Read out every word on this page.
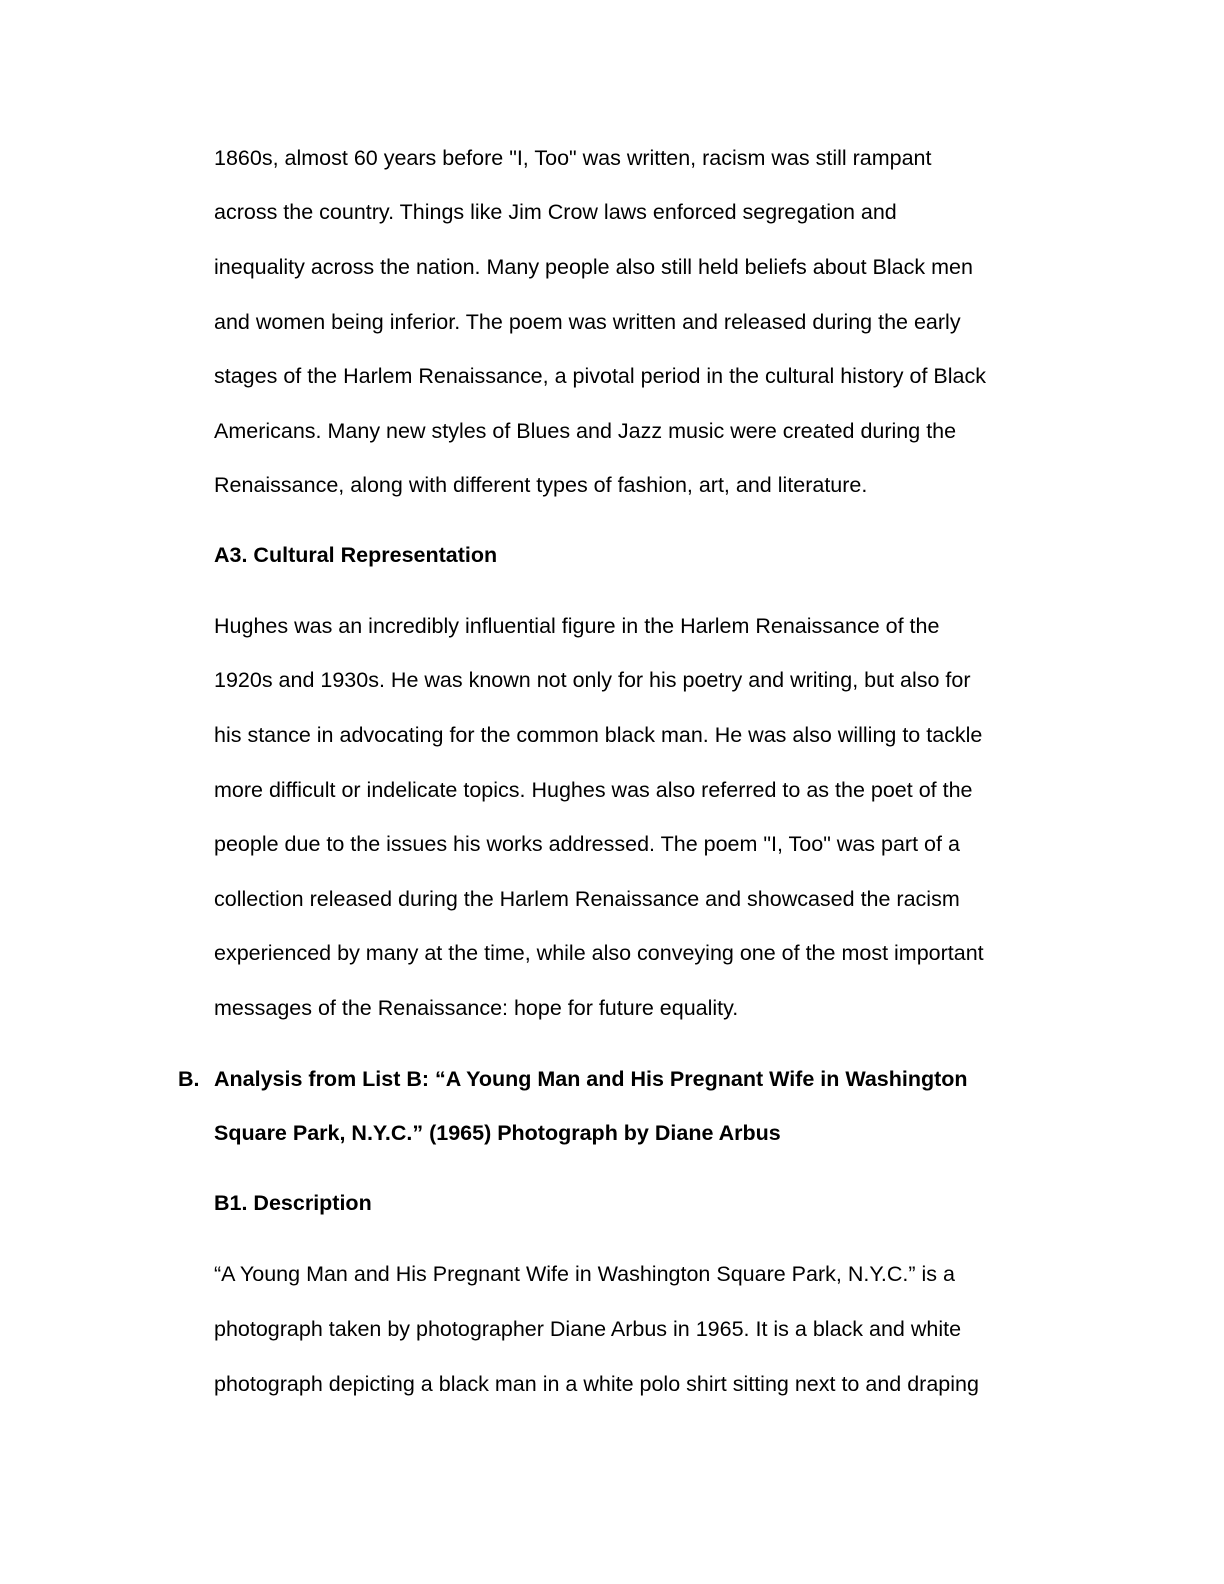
1860s, almost 60 years before "I, Too" was written, racism was still rampant
across the country. Things like Jim Crow laws enforced segregation and
inequality across the nation. Many people also still held beliefs about Black men
and women being inferior. The poem was written and released during the early
stages of the Harlem Renaissance, a pivotal period in the cultural history of Black
Americans. Many new styles of Blues and Jazz music were created during the
Renaissance, along with different types of fashion, art, and literature.
A3. Cultural Representation
Hughes was an incredibly influential figure in the Harlem Renaissance of the
1920s and 1930s. He was known not only for his poetry and writing, but also for
his stance in advocating for the common black man. He was also willing to tackle
more difficult or indelicate topics. Hughes was also referred to as the poet of the
people due to the issues his works addressed. The poem "I, Too" was part of a
collection released during the Harlem Renaissance and showcased the racism
experienced by many at the time, while also conveying one of the most important
messages of the Renaissance: hope for future equality.
B. Analysis from List B: “A Young Man and His Pregnant Wife in Washington
Square Park, N.Y.C.” (1965) Photograph by Diane Arbus
B1. Description
“A Young Man and His Pregnant Wife in Washington Square Park, N.Y.C.” is a
photograph taken by photographer Diane Arbus in 1965. It is a black and white
photograph depicting a black man in a white polo shirt sitting next to and draping
